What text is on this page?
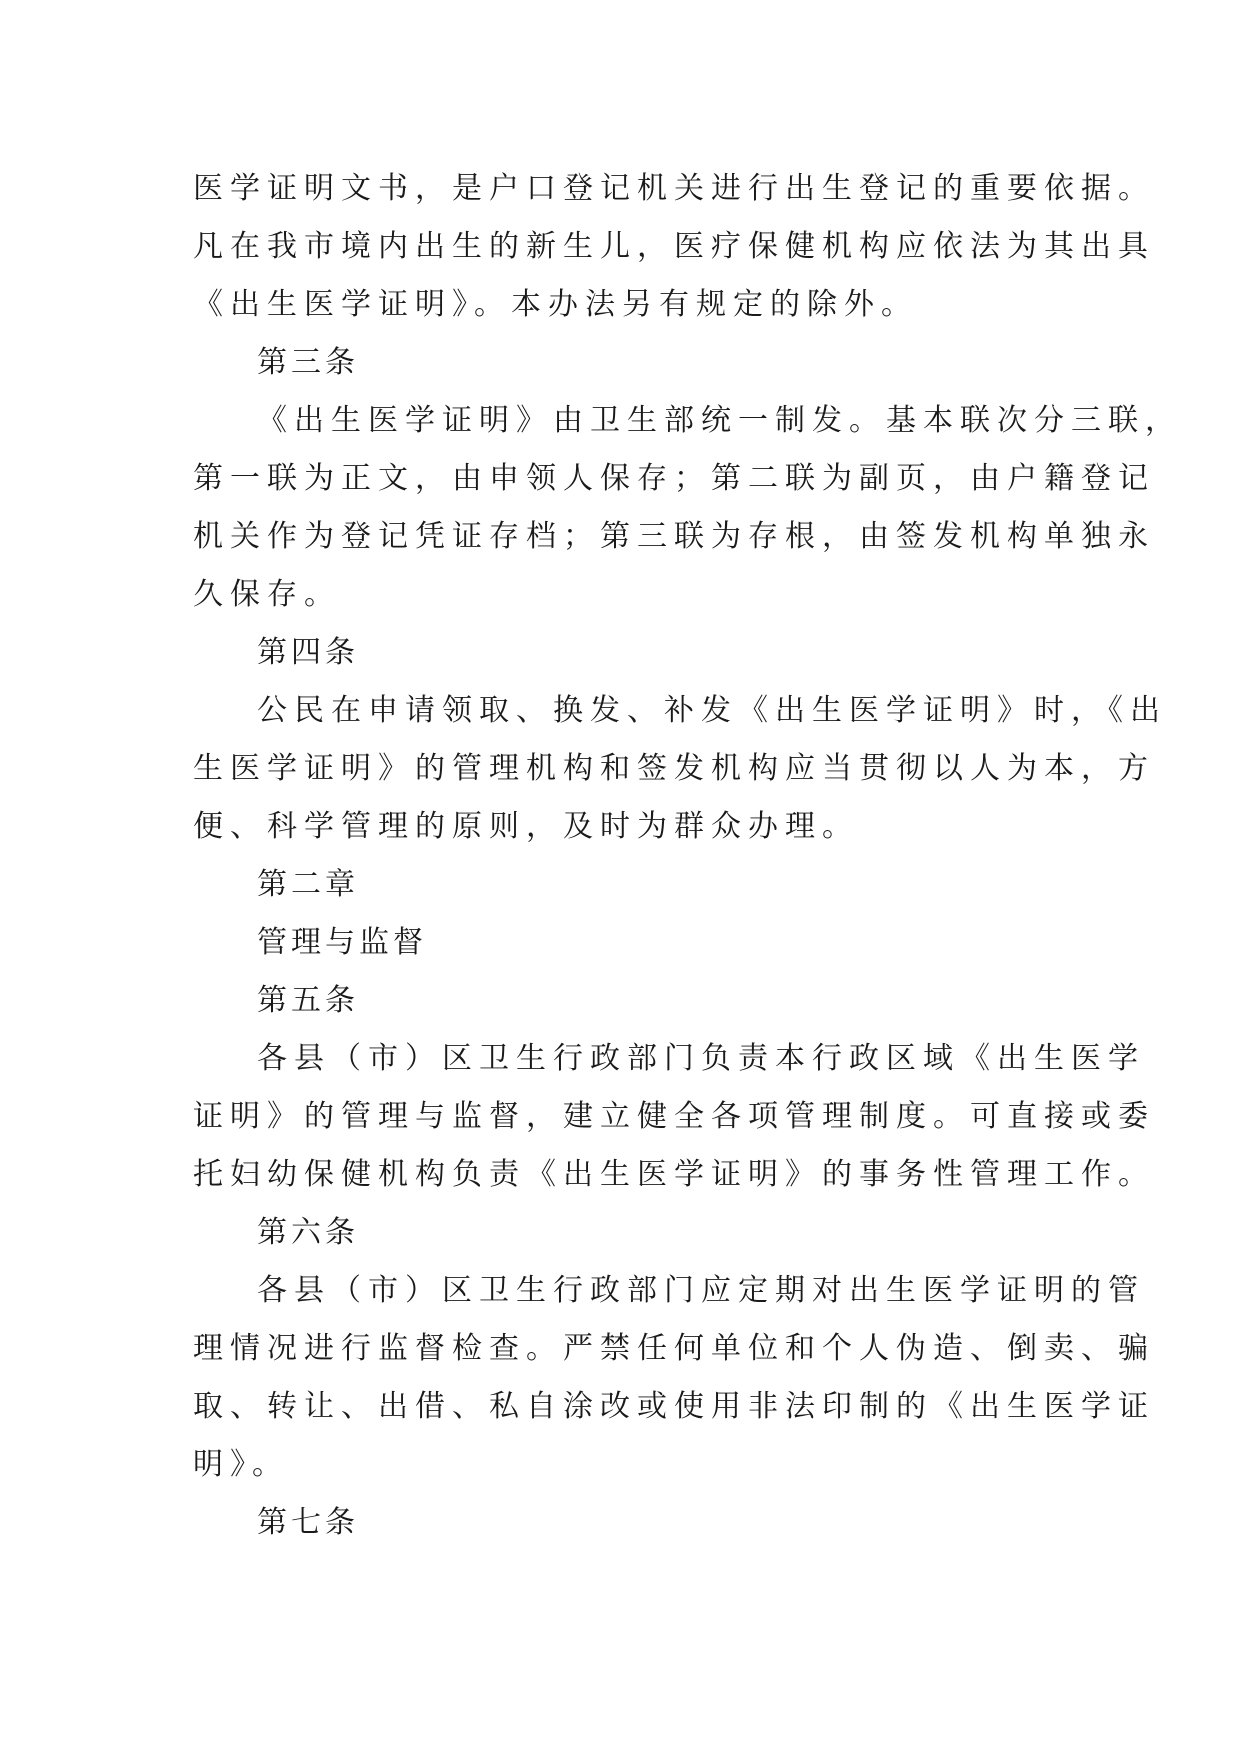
医学证明文书，是户口登记机关进行出生登记的重要依据。
凡在我市境内出生的新生儿，医疗保健机构应依法为其出具
《出生医学证明》。本办法另有规定的除外。
第三条
《出生医学证明》由卫生部统一制发。基本联次分三联，
第一联为正文，由申领人保存；第二联为副页，由户籍登记
机关作为登记凭证存档；第三联为存根，由签发机构单独永
久保存。
第四条
公民在申请领取、换发、补发《出生医学证明》时，《出
生医学证明》的管理机构和签发机构应当贯彻以人为本，方
便、科学管理的原则，及时为群众办理。
第二章
管理与监督
第五条
各县（市）区卫生行政部门负责本行政区域《出生医学
证明》的管理与监督，建立健全各项管理制度。可直接或委
托妇幼保健机构负责《出生医学证明》的事务性管理工作。
第六条
各县（市）区卫生行政部门应定期对出生医学证明的管
理情况进行监督检查。严禁任何单位和个人伪造、倒卖、骗
取、转让、出借、私自涂改或使用非法印制的《出生医学证
明》。
第七条
